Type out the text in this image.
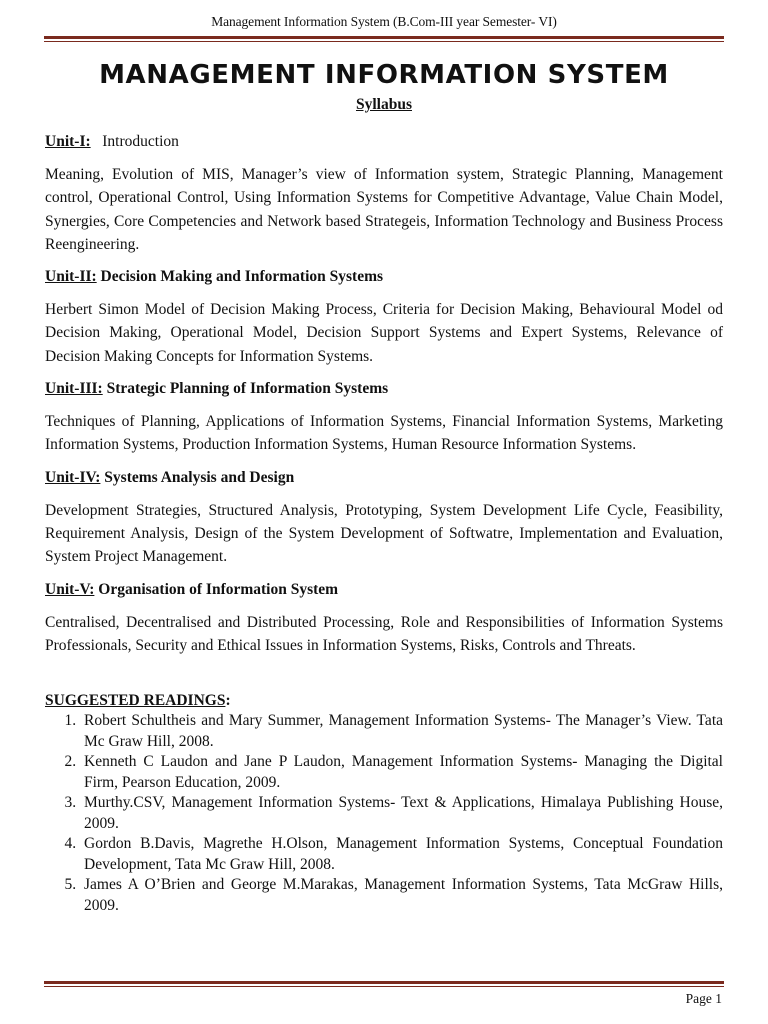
Management Information System (B.Com-III year Semester- VI)
MANAGEMENT INFORMATION SYSTEM
Syllabus
Unit-I: Introduction
Meaning, Evolution of MIS, Manager’s view of Information system, Strategic Planning, Management control, Operational Control, Using Information Systems for Competitive Advantage, Value Chain Model, Synergies, Core Competencies and Network based Strategeis, Information Technology and Business Process Reengineering.
Unit-II: Decision Making and Information Systems
Herbert Simon Model of Decision Making Process, Criteria for Decision Making, Behavioural Model od Decision Making, Operational Model, Decision Support Systems and Expert Systems, Relevance of Decision Making Concepts for Information Systems.
Unit-III: Strategic Planning of Information Systems
Techniques of Planning, Applications of Information Systems, Financial Information Systems, Marketing Information Systems, Production Information Systems, Human Resource Information Systems.
Unit-IV: Systems Analysis and Design
Development Strategies, Structured Analysis, Prototyping, System Development Life Cycle, Feasibility, Requirement Analysis, Design of the System Development of Softwatre, Implementation and Evaluation, System Project Management.
Unit-V: Organisation of Information System
Centralised, Decentralised and Distributed Processing, Role and Responsibilities of Information Systems Professionals, Security and Ethical Issues in Information Systems, Risks, Controls and Threats.
SUGGESTED READINGS:
1. Robert Schultheis and Mary Summer, Management Information Systems- The Manager’s View. Tata Mc Graw Hill, 2008.
2. Kenneth C Laudon and Jane P Laudon, Management Information Systems- Managing the Digital Firm, Pearson Education, 2009.
3. Murthy.CSV, Management Information Systems- Text & Applications, Himalaya Publishing House, 2009.
4. Gordon B.Davis, Magrethe H.Olson, Management Information Systems, Conceptual Foundation Development, Tata Mc Graw Hill, 2008.
5. James A O’Brien and George M.Marakas, Management Information Systems, Tata McGraw Hills, 2009.
Page 1
